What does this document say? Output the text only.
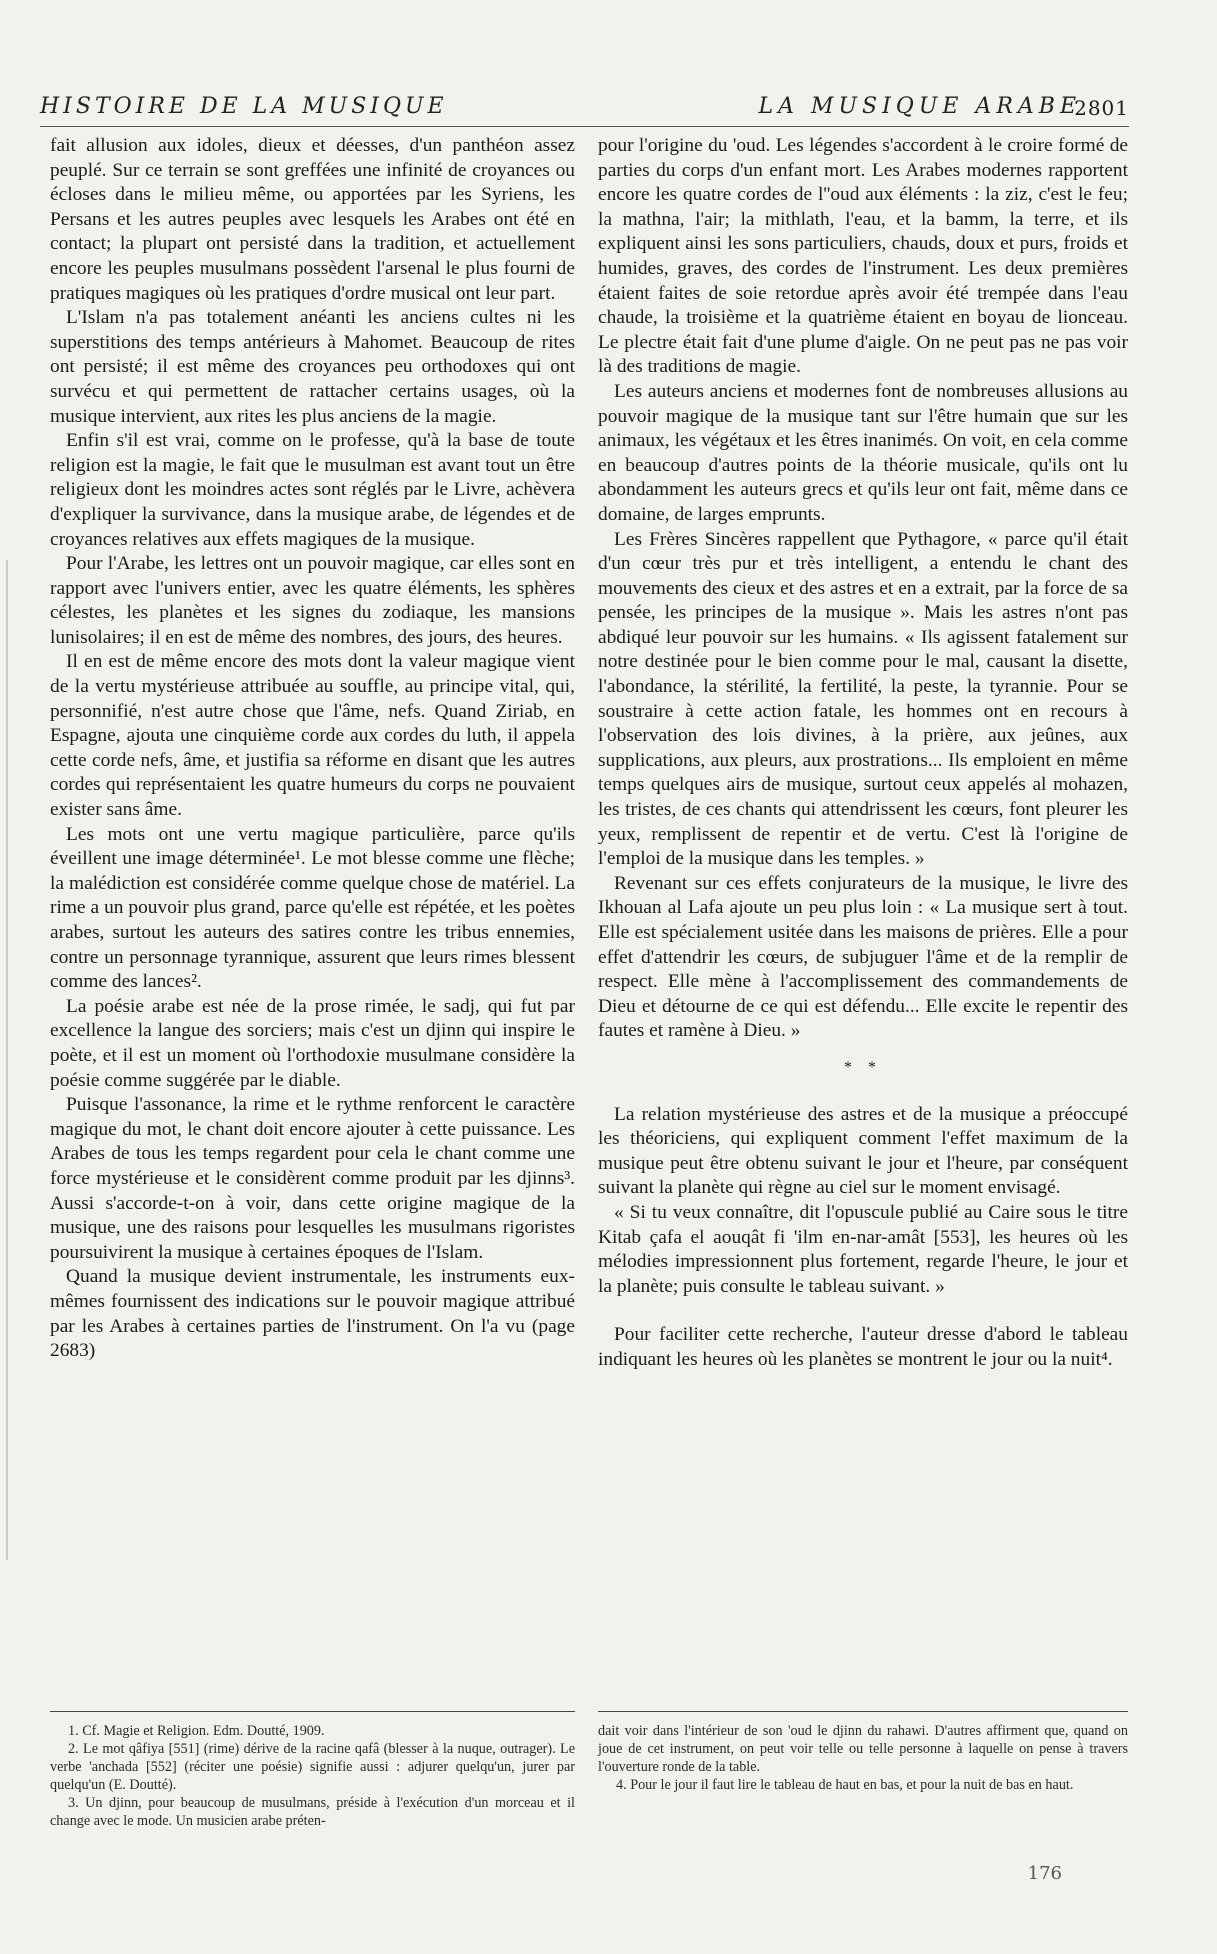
HISTOIRE DE LA MUSIQUE	LA MUSIQUE ARABE
2801

fait allusion aux idoles, dieux et déesses, d'un panthéon assez peuplé. Sur ce terrain se sont greffées une infinité de croyances ou écloses dans le milieu même, ou apportées par les Syriens, les Persans et les autres peuples avec lesquels les Arabes ont été en contact; la plupart ont persisté dans la tradition, et actuellement encore les peuples musulmans possèdent l'arsenal le plus fourni de pratiques magiques où les pratiques d'ordre musical ont leur part.

L'Islam n'a pas totalement anéanti les anciens cultes ni les superstitions des temps antérieurs à Mahomet. Beaucoup de rites ont persisté; il est même des croyances peu orthodoxes qui ont survécu et qui permettent de rattacher certains usages, où la musique intervient, aux rites les plus anciens de la magie.

Enfin s'il est vrai, comme on le professe, qu'à la base de toute religion est la magie, le fait que le musulman est avant tout un être religieux dont les moindres actes sont réglés par le Livre, achèvera d'expliquer la survivance, dans la musique arabe, de légendes et de croyances relatives aux effets magiques de la musique.

Pour l'Arabe, les lettres ont un pouvoir magique, car elles sont en rapport avec l'univers entier, avec les quatre éléments, les sphères célestes, les planètes et les signes du zodiaque, les mansions lunisolaires; il en est de même des nombres, des jours, des heures.

Il en est de même encore des mots dont la valeur magique vient de la vertu mystérieuse attribuée au souffle, au principe vital, qui, personnifié, n'est autre chose que l'âme, nefs. Quand Ziriab, en Espagne, ajouta une cinquième corde aux cordes du luth, il appela cette corde nefs, âme, et justifia sa réforme en disant que les autres cordes qui représentaient les quatre humeurs du corps ne pouvaient exister sans âme.

Les mots ont une vertu magique particulière, parce qu'ils éveillent une image déterminée¹. Le mot blesse comme une flèche; la malédiction est considérée comme quelque chose de matériel. La rime a un pouvoir plus grand, parce qu'elle est répétée, et les poètes arabes, surtout les auteurs des satires contre les tribus ennemies, contre un personnage tyrannique, assurent que leurs rimes blessent comme des lances².

La poésie arabe est née de la prose rimée, le sadj, qui fut par excellence la langue des sorciers; mais c'est un djinn qui inspire le poète, et il est un moment où l'orthodoxie musulmane considère la poésie comme suggérée par le diable.

Puisque l'assonance, la rime et le rythme renforcent le caractère magique du mot, le chant doit encore ajouter à cette puissance. Les Arabes de tous les temps regardent pour cela le chant comme une force mystérieuse et le considèrent comme produit par les djinns³. Aussi s'accorde-t-on à voir, dans cette origine magique de la musique, une des raisons pour lesquelles les musulmans rigoristes poursuivirent la musique à certaines époques de l'Islam.

Quand la musique devient instrumentale, les instruments eux-mêmes fournissent des indications sur le pouvoir magique attribué par les Arabes à certaines parties de l'instrument. On l'a vu (page 2683)

pour l'origine du 'oud. Les légendes s'accordent à le croire formé de parties du corps d'un enfant mort. Les Arabes modernes rapportent encore les quatre cordes de l''oud aux éléments : la ziz, c'est le feu; la mathna, l'air; la mithlath, l'eau, et la bamm, la terre, et ils expliquent ainsi les sons particuliers, chauds, doux et purs, froids et humides, graves, des cordes de l'instrument. Les deux premières étaient faites de soie retordue après avoir été trempée dans l'eau chaude, la troisième et la quatrième étaient en boyau de lionceau. Le plectre était fait d'une plume d'aigle. On ne peut pas ne pas voir là des traditions de magie.

Les auteurs anciens et modernes font de nombreuses allusions au pouvoir magique de la musique tant sur l'être humain que sur les animaux, les végétaux et les êtres inanimés. On voit, en cela comme en beaucoup d'autres points de la théorie musicale, qu'ils ont lu abondamment les auteurs grecs et qu'ils leur ont fait, même dans ce domaine, de larges emprunts.

Les Frères Sincères rappellent que Pythagore, « parce qu'il était d'un cœur très pur et très intelligent, a entendu le chant des mouvements des cieux et des astres et en a extrait, par la force de sa pensée, les principes de la musique ». Mais les astres n'ont pas abdiqué leur pouvoir sur les humains. « Ils agissent fatalement sur notre destinée pour le bien comme pour le mal, causant la disette, l'abondance, la stérilité, la fertilité, la peste, la tyrannie. Pour se soustraire à cette action fatale, les hommes ont en recours à l'observation des lois divines, à la prière, aux jeûnes, aux supplications, aux pleurs, aux prostrations... Ils emploient en même temps quelques airs de musique, surtout ceux appelés al mohazen, les tristes, de ces chants qui attendrissent les cœurs, font pleurer les yeux, remplissent de repentir et de vertu. C'est là l'origine de l'emploi de la musique dans les temples. »

Revenant sur ces effets conjurateurs de la musique, le livre des Ikhouan al Lafa ajoute un peu plus loin : « La musique sert à tout. Elle est spécialement usitée dans les maisons de prières. Elle a pour effet d'attendrir les cœurs, de subjuguer l'âme et de la remplir de respect. Elle mène à l'accomplissement des commandements de Dieu et détourne de ce qui est défendu... Elle excite le repentir des fautes et ramène à Dieu. »

* *

La relation mystérieuse des astres et de la musique a préoccupé les théoriciens, qui expliquent comment l'effet maximum de la musique peut être obtenu suivant le jour et l'heure, par conséquent suivant la planète qui règne au ciel sur le moment envisagé.

« Si tu veux connaître, dit l'opuscule publié au Caire sous le titre Kitab çafa el aouqât fi 'ilm en-nar-amât [553], les heures où les mélodies impressionnent plus fortement, regarde l'heure, le jour et la planète; puis consulte le tableau suivant. »

Pour faciliter cette recherche, l'auteur dresse d'abord le tableau indiquant les heures où les planètes se montrent le jour ou la nuit⁴.

1. Cf. Magie et Religion. Edm. Doutté, 1909.

2. Le mot qâfiya [551] (rime) dérive de la racine qafâ (blesser à la nuque, outrager). Le verbe 'anchada [552] (réciter une poésie) signifie aussi : adjurer quelqu'un, jurer par quelqu'un (E. Doutté).

3. Un djinn, pour beaucoup de musulmans, préside à l'exécution d'un morceau et il change avec le mode. Un musicien arabe préten-

dait voir dans l'intérieur de son 'oud le djinn du rahawi. D'autres affirment que, quand on joue de cet instrument, on peut voir telle ou telle personne à laquelle on pense à travers l'ouverture ronde de la table.

4. Pour le jour il faut lire le tableau de haut en bas, et pour la nuit de bas en haut.

176
